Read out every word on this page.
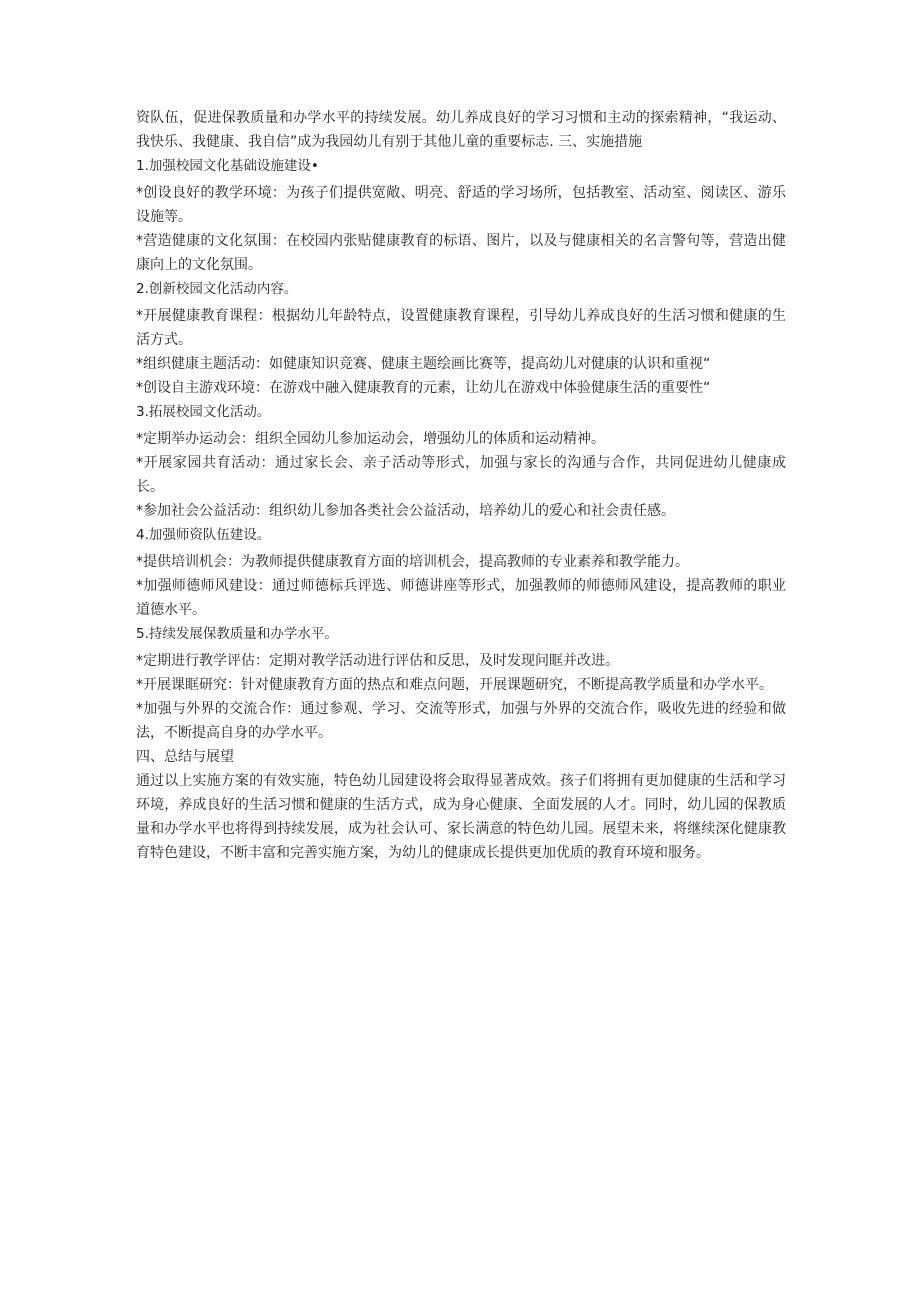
资队伍，促进保教质量和办学水平的持续发展。幼儿养成良好的学习习惯和主动的探索精神，“我运动、我快乐、我健康、我自信”成为我园幼儿有别于其他儿童的重要标志. 三、实施措施

1.加强校园文化基础设施建设•

*创设良好的教学环境：为孩子们提供宽敞、明亮、舒适的学习场所，包括教室、活动室、阅读区、游乐设施等。

*营造健康的文化氛围：在校园内张贴健康教育的标语、图片，以及与健康相关的名言警句等，营造出健康向上的文化氛围。

2.创新校园文化活动内容。

*开展健康教育课程：根据幼儿年龄特点，设置健康教育课程，引导幼儿养成良好的生活习惯和健康的生活方式。

*组织健康主题活动：如健康知识竞赛、健康主题绘画比赛等，提高幼儿对健康的认识和重视“

*创设自主游戏环境：在游戏中融入健康教育的元素，让幼儿在游戏中体验健康生活的重要性“

3.拓展校园文化活动。

*定期举办运动会：组织全园幼儿参加运动会，增强幼儿的体质和运动精神。

*开展家园共育活动：通过家长会、亲子活动等形式，加强与家长的沟通与合作，共同促进幼儿健康成长。

*参加社会公益活动：组织幼儿参加各类社会公益活动，培养幼儿的爱心和社会责任感。

4.加强师资队伍建设。

*提供培训机会：为教师提供健康教育方面的培训机会，提高教师的专业素养和教学能力。

*加强师德师风建设：通过师德标兵评选、师德讲座等形式，加强教师的师德师风建设，提高教师的职业道德水平。

5.持续发展保教质量和办学水平。

*定期进行教学评估：定期对教学活动进行评估和反思，及时发现问眶并改进。

*开展课眶研究：针对健康教育方面的热点和难点问题，开展课题研究，不断提高教学质量和办学水平。

*加强与外界的交流合作：通过参观、学习、交流等形式，加强与外界的交流合作，吸收先进的经验和做法，不断提高自身的办学水平。

四、总结与展望

通过以上实施方案的有效实施，特色幼儿园建设将会取得显著成效。孩子们将拥有更加健康的生活和学习环境，养成良好的生活习惯和健康的生活方式，成为身心健康、全面发展的人才。同时，幼儿园的保教质量和办学水平也将得到持续发展，成为社会认可、家长满意的特色幼儿园。展望未来，将继续深化健康教育特色建设，不断丰富和完善实施方案，为幼儿的健康成长提供更加优质的教育环境和服务。
